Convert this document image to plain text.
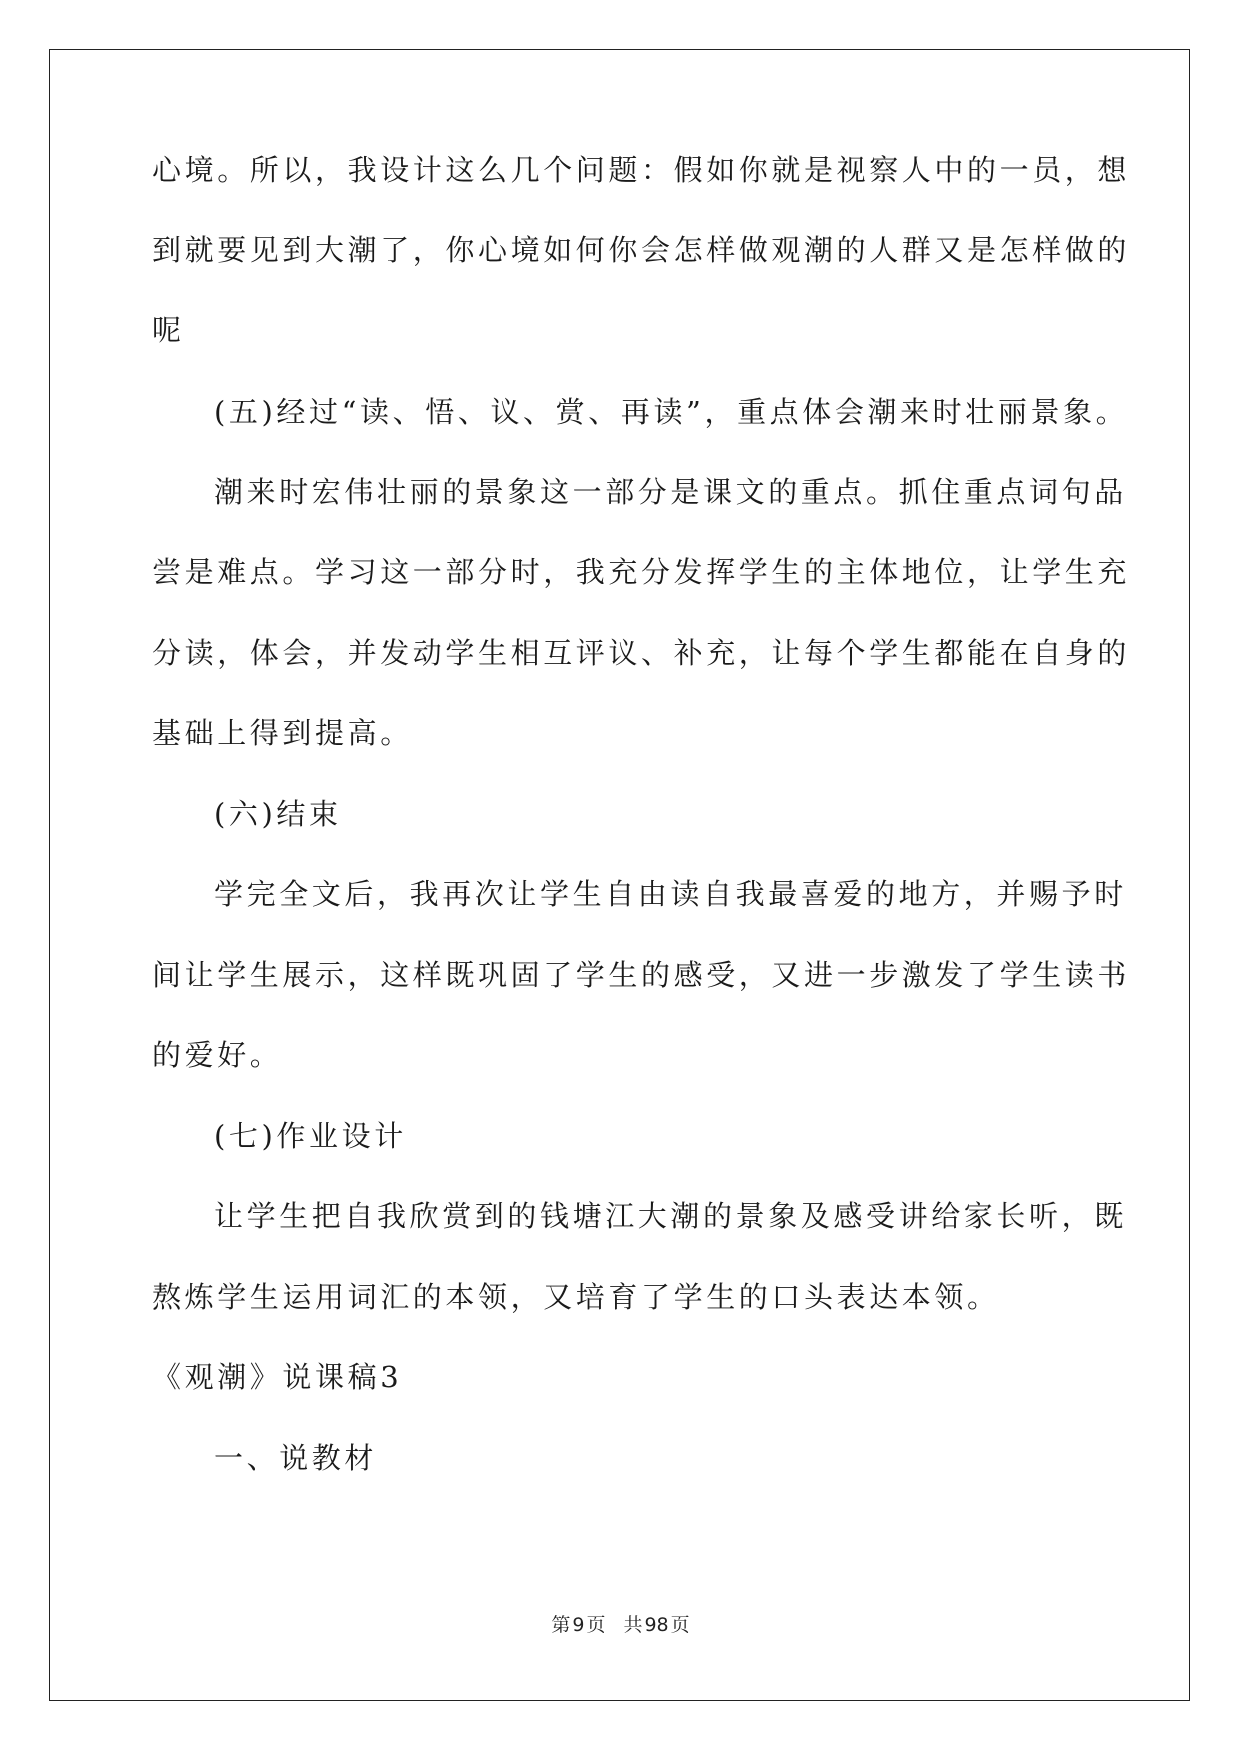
心境。所以，我设计这么几个问题：假如你就是视察人中的一员，想
到就要见到大潮了，你心境如何你会怎样做观潮的人群又是怎样做的
呢
(五)经过“读、悟、议、赏、再读”，重点体会潮来时壮丽景象。
潮来时宏伟壮丽的景象这一部分是课文的重点。抓住重点词句品
尝是难点。学习这一部分时，我充分发挥学生的主体地位，让学生充
分读，体会，并发动学生相互评议、补充，让每个学生都能在自身的
基础上得到提高。
(六)结束
学完全文后，我再次让学生自由读自我最喜爱的地方，并赐予时
间让学生展示，这样既巩固了学生的感受，又进一步激发了学生读书
的爱好。
(七)作业设计
让学生把自我欣赏到的钱塘江大潮的景象及感受讲给家长听，既
熬炼学生运用词汇的本领，又培育了学生的口头表达本领。
《观潮》说课稿3
一、说教材
第 9 页 共 98 页
